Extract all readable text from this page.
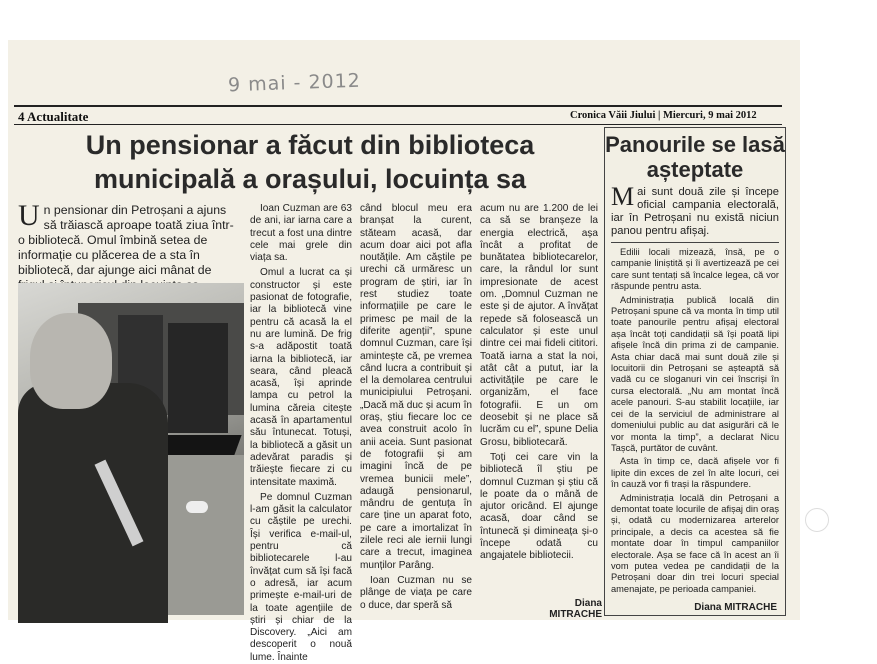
9 mai - 2012
4 Actualitate	Cronica Văii Jiului | Miercuri, 9 mai 2012
Un pensionar a făcut din biblioteca municipală a orașului, locuința sa
U n pensionar din Petroșani a ajuns să trăiască aproape toată ziua într-o bibliotecă. Omul îmbină setea de informație cu plăcerea de a sta în bibliotecă, dar ajunge aici mânat de

Ioan Cuzman are 63 de ani, iar iarna care a trecut a fost una dintre cele mai grele din viața sa.

Omul a lucrat ca și constructor și este pasionat de fotografie, iar la bibliotecă vine pentru că acasă la el nu are lumină. De frig s-a adăpostit toată iarna la bibliotecă, iar seara, când pleacă acasă, își aprinde lampa cu petrol la lumina căreia citește acasă în apartamentul său întunecat. Totuși, la bibliotecă a găsit un adevărat paradis și trăiește fiecare zi cu intensitate maximă.

Pe domnul Cuzman l-am găsit la calculator cu căștile pe urechi. Își verifica e-mail-ul, pentru că bibliotecarele l-au învățat cum să își facă o adresă, iar acum primește e-mail-uri de la toate agențiile de știri și chiar de la Discovery. „Aici am descoperit o nouă lume. Înainte

când blocul meu era branșat la curent, stăteam acasă, dar acum doar aici pot afla noutățile. Am căștile pe urechi că urmăresc un program de știri, iar în rest studiez toate informațiile pe care le primesc pe mail de la diferite agenții”, spune domnul Cuzman, care își amintește că, pe vremea când lucra a contribuit și el la demolarea centrului municipiului Petroșani. „Dacă mă duc și acum în oraș, știu fiecare loc ce avea construit acolo în anii aceia. Sunt pasionat de fotografii și am imagini încă de pe vremea bunicii mele”, adaugă pensionarul, mândru de gentuța în care ține un aparat foto, pe care a imortalizat în zilele reci ale iernii lungi care a trecut, imaginea munților Parâng.

Ioan Cuzman nu se plânge de viața pe care o duce, dar speră să

acum nu are 1.200 de lei ca să se branșeze la energia electrică, așa încât a profitat de bunătatea bibliotecarelor, care, la rândul lor sunt impresionate de acest om. „Domnul Cuzman ne este și de ajutor. A învățat repede să folosească un calculator și este unul dintre cei mai fideli cititori. Toată iarna a stat la noi, atât cât a putut, iar la activitățile pe care le organizăm, el face fotografii. E un om deosebit și ne place să lucrăm cu el”, spune Delia Grosu, bibliotecară.

Toți cei care vin la bibliotecă îl știu pe domnul Cuzman și știu că le poate da o mână de ajutor oricând. El ajunge acasă, doar când se întunecă și dimineața și-o începe odată cu angajatele bibliotecii.

Diana MITRACHE
Panourile se lasă așteptate
M ai sunt două zile și începe oficial campania electorală, iar în Petroșani nu există niciun panou pentru afișaj.

Edilii locali mizează, însă, pe o campanie liniștită și îi avertizează pe cei care sunt tentați să încalce legea, că vor răspunde pentru asta.

Administrația publică locală din Petroșani spune că va monta în timp util toate panourile pentru afișaj electoral așa încât toți candidații să își poată lipi afișele încă din prima zi de campanie. Asta chiar dacă mai sunt două zile și locuitorii din Petroșani se așteaptă să vadă cu ce sloganuri vin cei înscriși în cursa electorală. „Nu am montat încă acele panouri. S-au stabilit locațiile, iar cei de la serviciul de administrare al domeniului public au dat asigurări că le vor monta la timp”, a declarat Nicu Tașcă, purtător de cuvânt.

Asta în timp ce, dacă afișele vor fi lipite din exces de zel în alte locuri, cei în cauză vor fi trași la răspundere.

Administrația locală din Petroșani a demontat toate locurile de afișaj din oraș și, odată cu modernizarea arterelor principale, a decis ca acestea să fie montate doar în timpul campaniilor electorale. Așa se face că în acest an îi vom putea vedea pe candidații de la Petroșani doar din trei locuri special amenajate, pe perioada campaniei.

Diana MITRACHE
